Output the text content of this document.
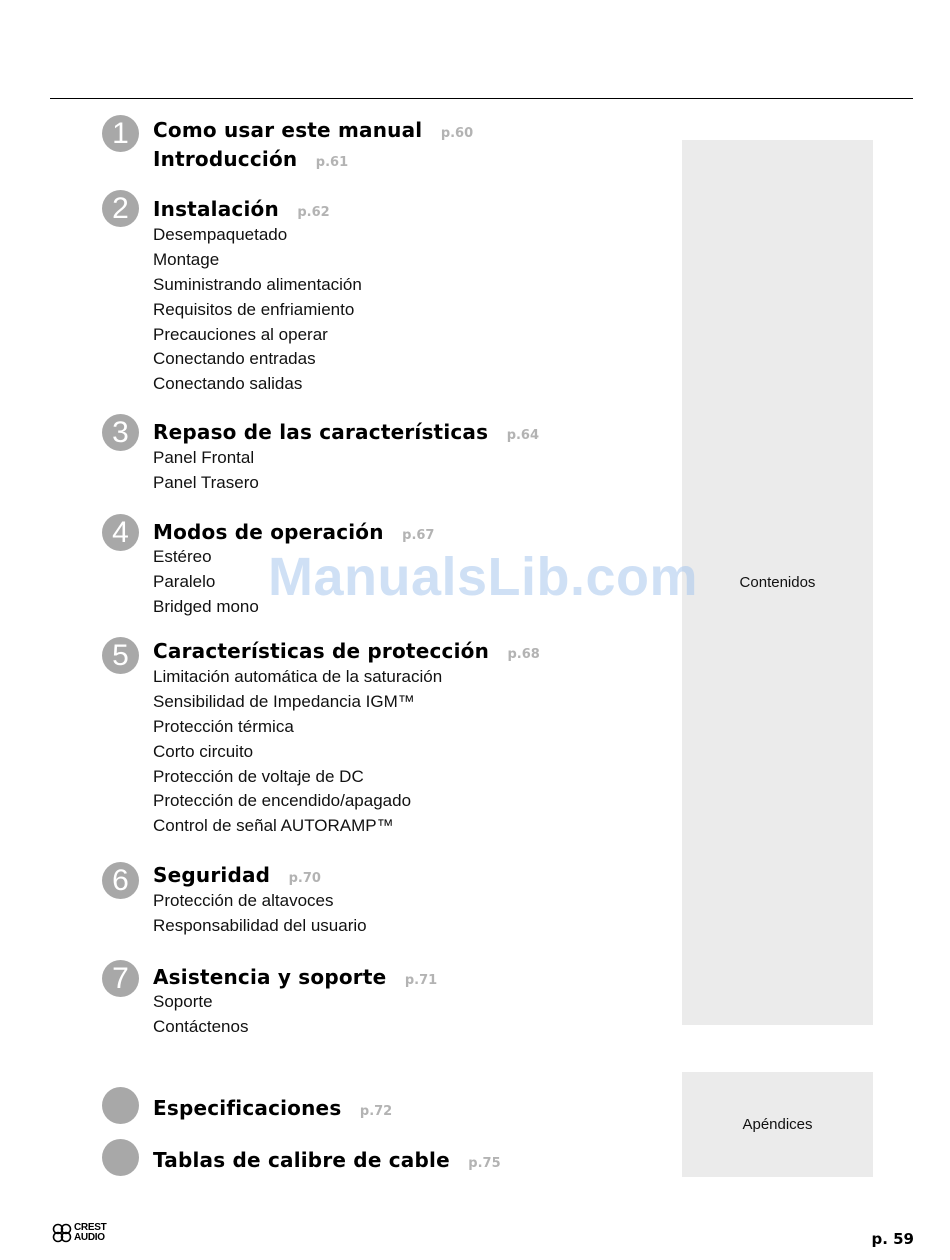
Contenidos
Apéndices
1	Como usar este manual p.60
Introducción p.61
2	Instalación p.62
Desempaquetado
Montage
Suministrando alimentación
Requisitos de enfriamiento
Precauciones al operar
Conectando entradas
Conectando salidas
3	Repaso de las características p.64
Panel Frontal
Panel Trasero
4	Modos de operación p.67
Estéreo
Paralelo
Bridged mono
5	Características de protección p.68
Limitación automática de la saturación
Sensibilidad de Impedancia IGM™
Protección térmica
Corto circuito
Protección de voltaje de DC
Protección de encendido/apagado
Control de señal AUTORAMP™
6	Seguridad p.70
Protección de altavoces
Responsabilidad del usuario
7	Asistencia y soporte p.71
Soporte
Contáctenos
Especificaciones p.72
Tablas de calibre de cable p.75
ManualsLib.com
CREST
AUDIO	p. 59
